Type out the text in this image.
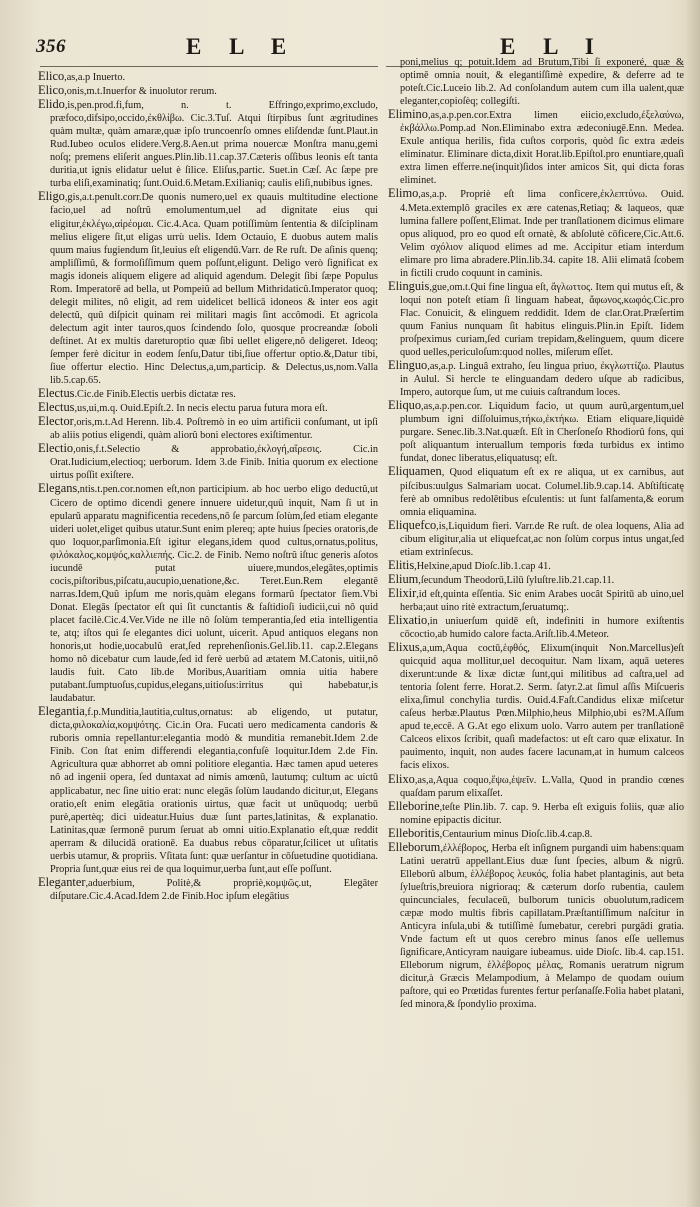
356	E L E	E L I

Elico,as,a.p Inuerto.

Elico,onis,m.t.Inuerfor & inuolutor rerum.

Elido,is,pen.prod.fi,fum, n. t. Effringo,exprimo,excludo, præfoco,difsipo,occido,ἐκθλίβω. Cic.3.Tuſ. Atqui ſtirpibus ſunt ægritudines quàm multæ, quàm amaræ,quæ ipſo truncoenrſo omnes eliſdendæ ſunt.Plaut.in Rud.Iubeo oculos elidere.Verg.8.Aen.ut prima nouercæ Monſtra manu,gemi noſq; premens eliſerit angues.Plin.lib.11.cap.37.Cæteris oſſibus leonis eſt tanta duritia,ut ignis elidatur uelut è ſilice. Eliſus,partic. Suet.in Cæſ. Ac ſæpe pre turba eliſi,examinatiq; ſunt.Ouid.6.Metam.Exilianiq; caulis eliſi,nubibus ignes.

Eligo,gis,a.t.penult.corr.De quonis numero,uel ex quauis multitudine electione facio,uel ad noſtrû emolumentum,uel ad dignitate eius qui eligitur,ἐκλέγω,αἱρέομαι. Cic.4.Aca. Quam potiſſimùm ſententia & diſciplinam melius eligere ſit,ut eligas urrù uelis. Idem Octauio, E duobus autem malis quum maius fugiendum ſit,leuius eſt eligendû.Varr. de Re ruſt. De aſinis quenq; ampliſſimû, & formoſiſſimum quem poſſunt,eligunt. Deligo verò ſignificat ex magis idoneis aliquem eligere ad aliquid agendum. Delegit ſibi ſæpe Populus Rom. Imperatorē ad bella, ut Pompeiû ad bellum Mithridaticû.Imperator quoq; delegit milites, nô eligit, ad rem uidelicet bellicā idoneos & inter eos agit delectû, quû diſpicit quinam rei militari magis ſint accômodi. Et agricola delectum agit inter tauros,quos ſcindendo ſolo, quosque procreandæ ſoboli deſtinet. At ex multis dareturoptio quæ ſibi uellet eligere,nô deligeret. Ideoq; ſemper ferè dicitur in eodem ſenſu,Datur tibi,ſiue offertur optio.&,Datur tibi, ſiue offertur electio. Hinc Delectus,a,um,particip. & Delectus,us,nom.Valla lib.5.cap.65.

Electus.Cic.de Finib.Electis uerbis dictatæ res.

Electus,us,ui,m.q. Ouid.Epiſt.2. In necis electu parua futura mora eſt.

Elector,oris,m.t.Ad Herenn. lib.4. Poſtremò in eo uim artificii conſumant, ut ipſi ab aliis potius eligendi, quàm aliorû boni electores exiſtimentur.

Electio,onis,f.t.Selectio & approbatio,ἐκλογή,αἵρεσις. Cic.in Orat.Iudicium,electioq; uerborum. Idem 3.de Finib. Initia quorum ex electione uirtus poſſit exiſtere.

Elegans,ntis.t.pen.cor.nomen eſt,non participium. ab hoc uerbo eligo deductû,ut Cicero de optimo dicendi genere innuere uidetur,quû inquit, Nam ſi ut in epularû apparatu magnificentia recedens,nō ſe parcum ſolùm,ſed etiam elegante uideri uolet,eliget quibus utatur.Sunt enim plereq; apte huius ſpecies oratoris,de quo loquor,parſimonia.Eſt igitur elegans,idem quod cultus,ornatus,politus, φιλόκαλος,κομψός,καλλιεπής. Cic.2. de Finib. Nemo noſtrû iſtuc generis aſotos iucundē putat uiuere,mundos,elegātes,optimis cocis,piſtoribus,piſcatu,aucupio,uenatione,&c. Teret.Eun.Rem elegantē narras.Idem,Quû ipſum me noris,quàm elegans formarû ſpectator ſiem.Vbi Donat. Elegās ſpectator eſt qui ſit cunctantis & faſtidioſi iudicii,cui nô quid placet facilè.Cic.4.Ver.Vide ne ille nô ſolùm temperantia,ſed etia intelligentia te, atq; iſtos qui ſe elegantes dici uolunt, uicerit. Apud antiquos elegans non honoris,ut hodie,uocabulû erat,ſed reprehenſionis.Gel.lib.11. cap.2.Elegans homo nô dicebatur cum laude,ſed id ferè uerbû ad ætatem M.Catonis, uitii,nô laudis fuit. Cato lib.de Moribus,Auaritiam omnia uitia habere putabant.ſumptuoſus,cupidus,elegans,uitioſus:irritus qui habebatur,is laudabatur.

Elegantia,f.p.Munditia,lautitia,cultus,ornatus: ab eligendo, ut putatur, dicta,φιλοκαλία,κομψότης. Cic.in Ora. Fucati uero medicamenta candoris & ruboris omnia repellantur:elegantia modò & munditia remanebit.Idem 2.de Finib. Con ſtat enim differendi elegantia,confuſè loquitur.Idem 2.de Fin. Agricultura quæ abhorret ab omni politiore elegantia. Hæc tamen apud ueteres nô ad ingenii opera, ſed duntaxat ad nimis amœnû, lautumq; cultum ac uictû applicabatur, nec ſine uitio erat: nunc elegās ſolùm laudando dicitur,ut, Elegans oratio,eſt enim elegātia orationis uirtus, quæ facit ut unūquodq; uerbū purè,apertèq; dici uideatur.Huius duæ ſunt partes,latinitas, & explanatio. Latinitas,quæ ſermonē purum ſeruat ab omni uitio.Explanatio eſt,quæ reddit aperram & dilucidā orationē. Ea duabus rebus cōparatur,ſcilicet ut uſitatis uerbis utamur, & propriis. Vſitata ſunt: quæ uerſantur in cōſuetudine quotidiana. Propria ſunt,quæ eius rei de qua loquimur,uerba ſunt,aut eſſe poſſunt.

Eleganter,aduerbium, Politè,& propriè,κομψῶς.ut, Elegāter diſputare.Cic.4.Acad.Idem 2.de Finib.Hoc ipſum elegātius

poni,melius q; potuit.Idem ad Brutum,Tibi ſi exponeré, quæ & optimē omnia nouit, & elegantiſſimè expedire, & deferre ad te poteſt.Cic.Luceio lib.2. Ad conſolandum autem cum illa ualent,quæ eleganter,copioſèq; collegiſti.

Elimino,as,a.p.pen.cor.Extra limen eiicio,excludo,ἐξελαύνω, ἐκβάλλω.Pomp.ad Non.Eliminabo extra ædeconiugē.Enn. Medea. Exule antiqua herilis, fida cuſtos corporis, quòd ſic extra ædeis eliminatur. Eliminare dicta,dixit Horat.lib.Epiſtol.pro enuntiare,quaſi extra limen efferre.ne(inquit)ſidos inter amicos Sit, qui dicta foras eliminet.

Elimo,as,a.p. Propriè eſt lima conficere,ἐκλεπτύνω. Ouid. 4.Meta.extemplô graciles ex ære catenas,Retiaq; & laqueos, quæ lumina fallere poſſent,Elimat. Inde per tranſlationem dicimus elimare opus aliquod, pro eo quod eſt ornatè, & abſolutè cōficere,Cic.Att.6. Velim σχόλιον aliquod elimes ad me. Accipitur etiam interdum elimare pro lima abradere.Plin.lib.34. capite 18. Alii elimatâ ſcobem in fictili crudo coquunt in caminis.

Elinguis,gue,om.t.Qui fine lingua eſt, ἄγλωττος. Item qui mutus eſt, & loqui non poteſt etiam ſi linguam habeat, ἄφωνος,κωφός.Cic.pro Flac. Conuicit, & elinguem reddidit. Idem de clar.Orat.Præſertim quum Fanius nunquam ſit habitus elinguis.Plin.in Epiſt. Iidem proſpeximus curiam,ſed curiam trepidam,&elinguem, quum dicere quod uelles,periculoſum:quod nolles, miſerum eſſet.

Elinguo,as,a.p. Linguâ extraho, ſeu lingua priuo, ἐκγλωττίζω. Plautus in Aulul. Si hercle te elinguandam dedero uſque ab radicibus, Impero, autorque ſum, ut me cuiuis caſtrandum loces.

Eliquo,as,a.p.pen.cor. Liquidum facio, ut quum aurû,argentum,uel plumbum igni diſſoluimus,τήκω,ἐκτήκω. Etiam eliquare,liquidè purgare. Senec.lib.3.Nat.quæſt. Eſt in Cherſoneſo Rhodiorû fons, qui poſt aliquantum interuallum temporis fœda turbidus ex intimo fundat, donec liberatus,eliquatusq; eſt.

Eliquamen, Quod eliquatum eſt ex re aliqua, ut ex carnibus, aut piſcibus:uulgus Salmariam uocat. Columel.lib.9.cap.14. Abſtiſticatę ferè ab omnibus redolētibus eſculentis: ut ſunt falſamenta,& eorum omnia eliquamina.

Eliquefco,is,Liquidum fieri. Varr.de Re ruſt. de olea loquens, Alia ad cibum eligitur,alia ut eliquefcat,ac non ſolùm corpus intus ungat,ſed etiam extrinſecus.

Elitis,Helxine,apud Dioſc.lib.1.cap 41.

Elium,ſecundum Theodorū,Lilū ſyluſtre.lib.21.cap.11.

Elixir,id eſt,quinta eſſentia. Sic enim Arabes uocât Spiritū ab uino,uel herba;aut uino ritè extractum,ſeruatumq;.

Elixatio,in uniuerſum quidē eſt, indefiniti in humore exiſtentis cōcoctio,ab humido calore facta.Ariſt.lib.4.Meteor.

Elixus,a,um,Aqua coctū,ἑφθός, Elixum(inquit Non.Marcellus)eſt quicquid aqua mollitur,uel decoquitur. Nam lixam, aquā ueteres dixerunt:unde & lixæ dictæ ſunt,qui militibus ad caſtra,uel ad tentoria ſolent ferre. Horat.2. Serm. ſatyr.2.at ſimul aſſis Miſcueris elixa,ſimul conchylia turdis. Ouid.4.Faſt.Candidus elixæ miſcetur caſeus herbæ.Plautus Pœn.Milphio,heus Milphio,ubi es?M.Aſſum apud te,eccē. A G.At ego elixum uolo. Varro autem per tranſlationē Calceos elixos ſcribit, quaſi madefactos: ut eſt caro quæ elixatur. In pauimento, inquit, non audes facere lacunam,at in humum calceos facis elixos.

Elixo,as,a,Aqua coquo,ἕψω,ἑψεῖν. L.Valla, Quod in prandio cœnes quaſdam parum elixaſſet.

Elleborine,teſte Plin.lib. 7. cap. 9. Herba eſt exiguis foliis, quæ alio nomine epipactis dicitur.

Elleboritis,Centaurium minus Dioſc.lib.4.cap.8.

Elleborum,ἐλλέβορος, Herba eſt inſignem purgandi uim habens:quam Latini ueratrū appellant.Eius duæ ſunt ſpecies, album & nigrū. Elleborû album, ἑλλέβορος λευκός, folia habet plantaginis, aut beta ſylueſtris,breuiora nigrioraq; & cæterum dorſo rubentia, caulem quincunciales, feculaceū, bulborum tunicis obuolutum,radicem cæpæ modo multis fibris capillatam.Præſtantiſſimum naſcitur in Anticyra inſula,ubi & tutiſſimè ſumebatur, cerebri purgādi gratia. Vnde factum eſt ut quos cerebro minus ſanos eſſe uellemus ſignificare,Anticyram nauigare iubeamus. uide Dioſc. lib.4. cap.151. Elleborum nigrum, ἑλλέβορος μέλας, Romanis ueratrum nigrum dicitur,à Græcis Melampodium, à Melampo de quodam ouium paſtore, qui eo Prœtidas furentes fertur perſanaſſe.Folia habet platani, ſed minora,& ſpondylio proxima.
